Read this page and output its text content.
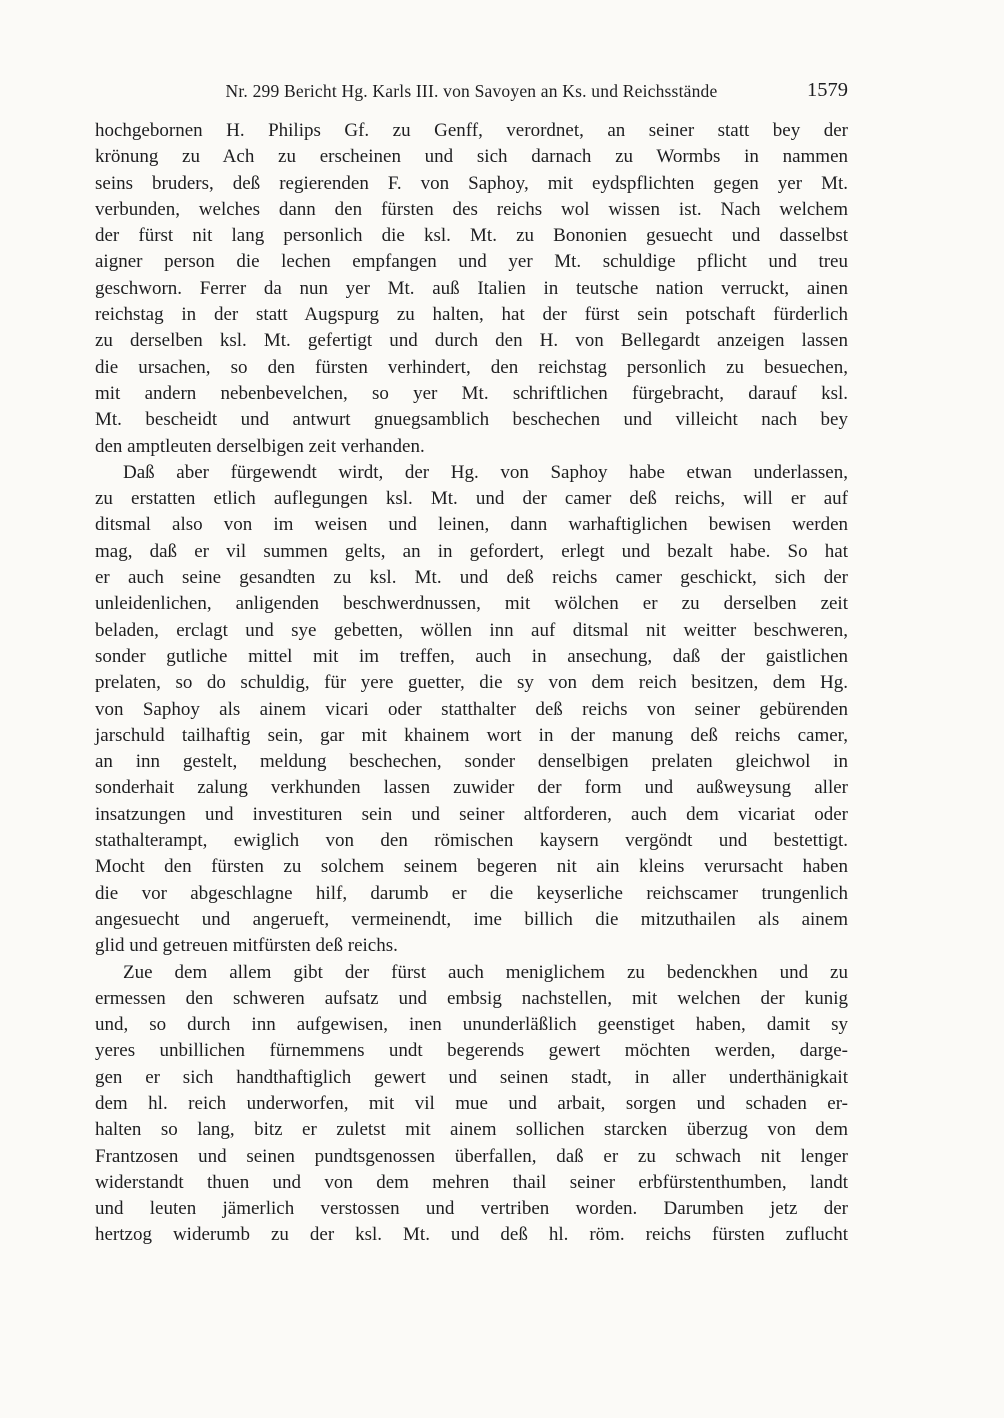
Nr. 299 Bericht Hg. Karls III. von Savoyen an Ks. und Reichsstände	1579
hochgebornen H. Philips Gf. zu Genff, verordnet, an seiner statt bey der
krönung zu Ach zu erscheinen und sich darnach zu Wormbs in nammen
seins bruders, deß regierenden F. von Saphoy, mit eydspflichten gegen yer Mt.
verbunden, welches dann den fürsten des reichs wol wissen ist. Nach welchem
der fürst nit lang personlich die ksl. Mt. zu Bononien gesuecht und dasselbst
aigner person die lechen empfangen und yer Mt. schuldige pflicht und treu
geschworn. Ferrer da nun yer Mt. auß Italien in teutsche nation verruckt, ainen
reichstag in der statt Augspurg zu halten, hat der fürst sein potschaft fürderlich
zu derselben ksl. Mt. gefertigt und durch den H. von Bellegardt anzeigen lassen
die ursachen, so den fürsten verhindert, den reichstag personlich zu besuechen,
mit andern nebenbevelchen, so yer Mt. schriftlichen fürgebracht, darauf ksl.
Mt. bescheidt und antwurt gnuegsamblich beschechen und villeicht nach bey
den amptleuten derselbigen zeit verhanden.
Daß aber fürgewendt wirdt, der Hg. von Saphoy habe etwan underlassen,
zu erstatten etlich auflegungen ksl. Mt. und der camer deß reichs, will er auf
ditsmal also von im weisen und leinen, dann warhaftiglichen bewisen werden
mag, daß er vil summen gelts, an in gefordert, erlegt und bezalt habe. So hat
er auch seine gesandten zu ksl. Mt. und deß reichs camer geschickt, sich der
unleidenlichen, anligenden beschwerdnussen, mit wölchen er zu derselben zeit
beladen, erclagt und sye gebetten, wöllen inn auf ditsmal nit weitter beschweren,
sonder gutliche mittel mit im treffen, auch in ansechung, daß der gaistlichen
prelaten, so do schuldig, für yere guetter, die sy von dem reich besitzen, dem Hg.
von Saphoy als ainem vicari oder statthalter deß reichs von seiner gebürenden
jarschuld tailhaftig sein, gar mit khainem wort in der manung deß reichs camer,
an inn gestelt, meldung beschechen, sonder denselbigen prelaten gleichwol in
sonderhait zalung verkhunden lassen zuwider der form und außweysung aller
insatzungen und investituren sein und seiner altforderen, auch dem vicariat oder
stathalterampt, ewiglich von den römischen kaysern vergöndt und bestettigt.
Mocht den fürsten zu solchem seinem begeren nit ain kleins verursacht haben
die vor abgeschlagne hilf, darumb er die keyserliche reichscamer trungenlich
angesuecht und angerueft, vermeinendt, ime billich die mitzuthailen als ainem
glid und getreuen mitfürsten deß reichs.
Zue dem allem gibt der fürst auch meniglichem zu bedenckhen und zu
ermessen den schweren aufsatz und embsig nachstellen, mit welchen der kunig
und, so durch inn aufgewisen, inen ununderläßlich geenstiget haben, damit sy
yeres unbillichen fürnemmens undt begerends gewert möchten werden, darge-
gen er sich handthaftiglich gewert und seinen stadt, in aller underthänigkait
dem hl. reich underworfen, mit vil mue und arbait, sorgen und schaden er-
halten so lang, bitz er zuletst mit ainem sollichen starcken überzug von dem
Frantzosen und seinen pundtsgenossen überfallen, daß er zu schwach nit lenger
widerstandt thuen und von dem mehren thail seiner erbfürstenthumben, landt
und leuten jämerlich verstossen und vertriben worden. Darumben jetz der
hertzog widerumb zu der ksl. Mt. und deß hl. röm. reichs fürsten zuflucht
